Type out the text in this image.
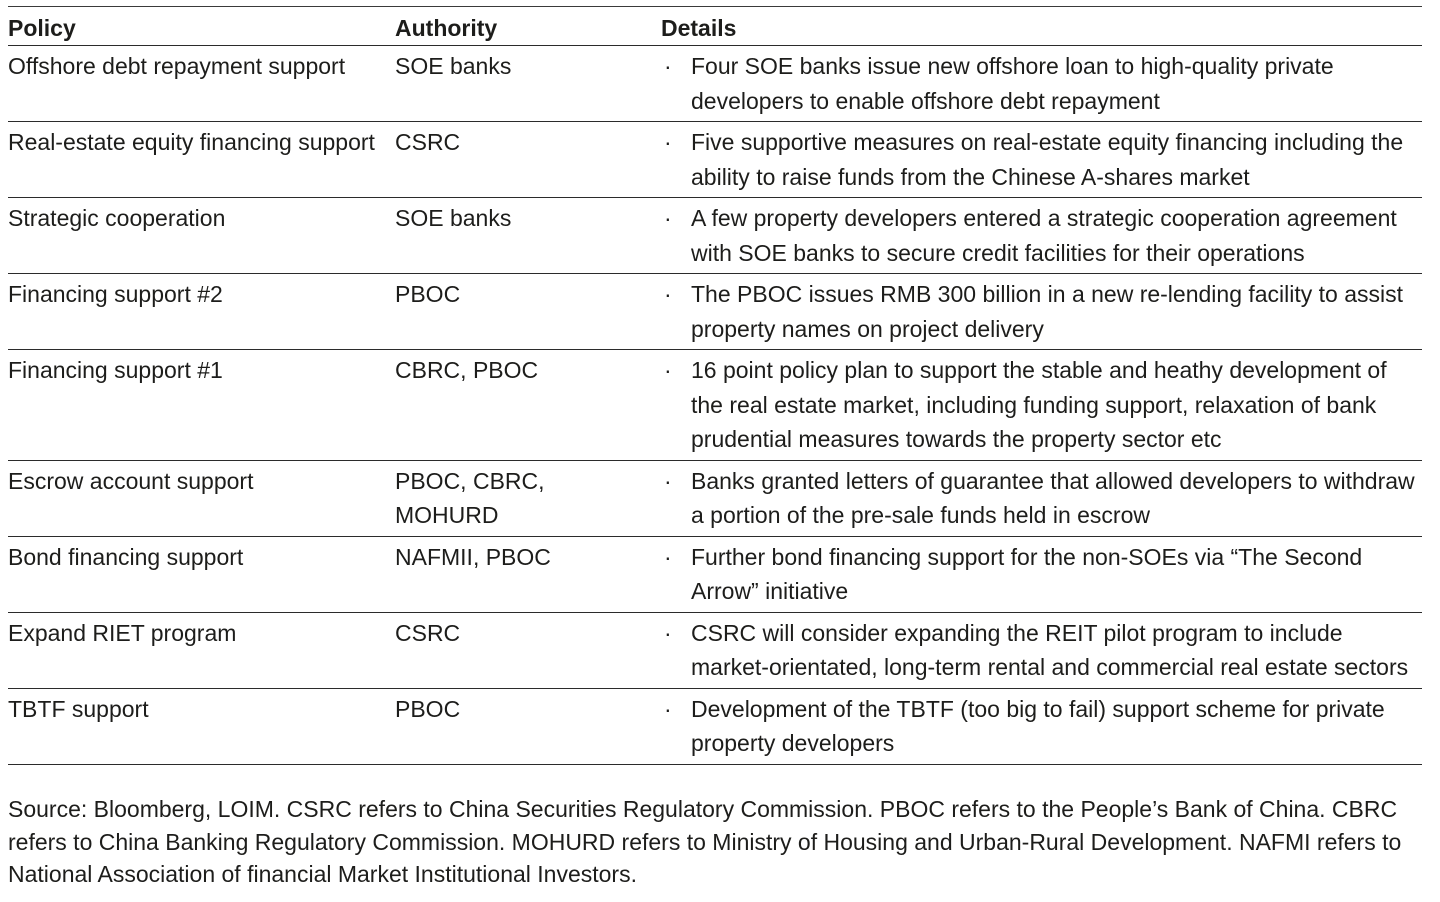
Policy	Authority	Details	
Offshore debt repayment support	SOE banks	·	Four SOE banks issue new offshore loan to high-quality private developers to enable offshore debt repayment
Real-estate equity financing support	CSRC	·	Five supportive measures on real-estate equity financing including the ability to raise funds from the Chinese A-shares market
Strategic cooperation	SOE banks	·	A few property developers entered a strategic cooperation agreement with SOE banks to secure credit facilities for their operations
Financing support #2	PBOC	·	The PBOC issues RMB 300 billion in a new re-lending facility to assist property names on project delivery
Financing support #1	CBRC, PBOC	·	16 point policy plan to support the stable and heathy development of the real estate market, including funding support, relaxation of bank prudential measures towards the property sector etc
Escrow account support	PBOC, CBRC, MOHURD	·	Banks granted letters of guarantee that allowed developers to withdraw a portion of the pre-sale funds held in escrow
Bond financing support	NAFMII, PBOC	·	Further bond financing support for the non-SOEs via “The Second Arrow” initiative
Expand RIET program	CSRC	·	CSRC will consider expanding the REIT pilot program to include market-orientated, long-term rental and commercial real estate sectors
TBTF support	PBOC	·	Development of the TBTF (too big to fail) support scheme for private property developers
Source: Bloomberg, LOIM. CSRC refers to China Securities Regulatory Commission. PBOC refers to the People’s Bank of China. CBRC refers to China Banking Regulatory Commission. MOHURD refers to Ministry of Housing and Urban-Rural Development. NAFMI refers to National Association of financial Market Institutional Investors.
